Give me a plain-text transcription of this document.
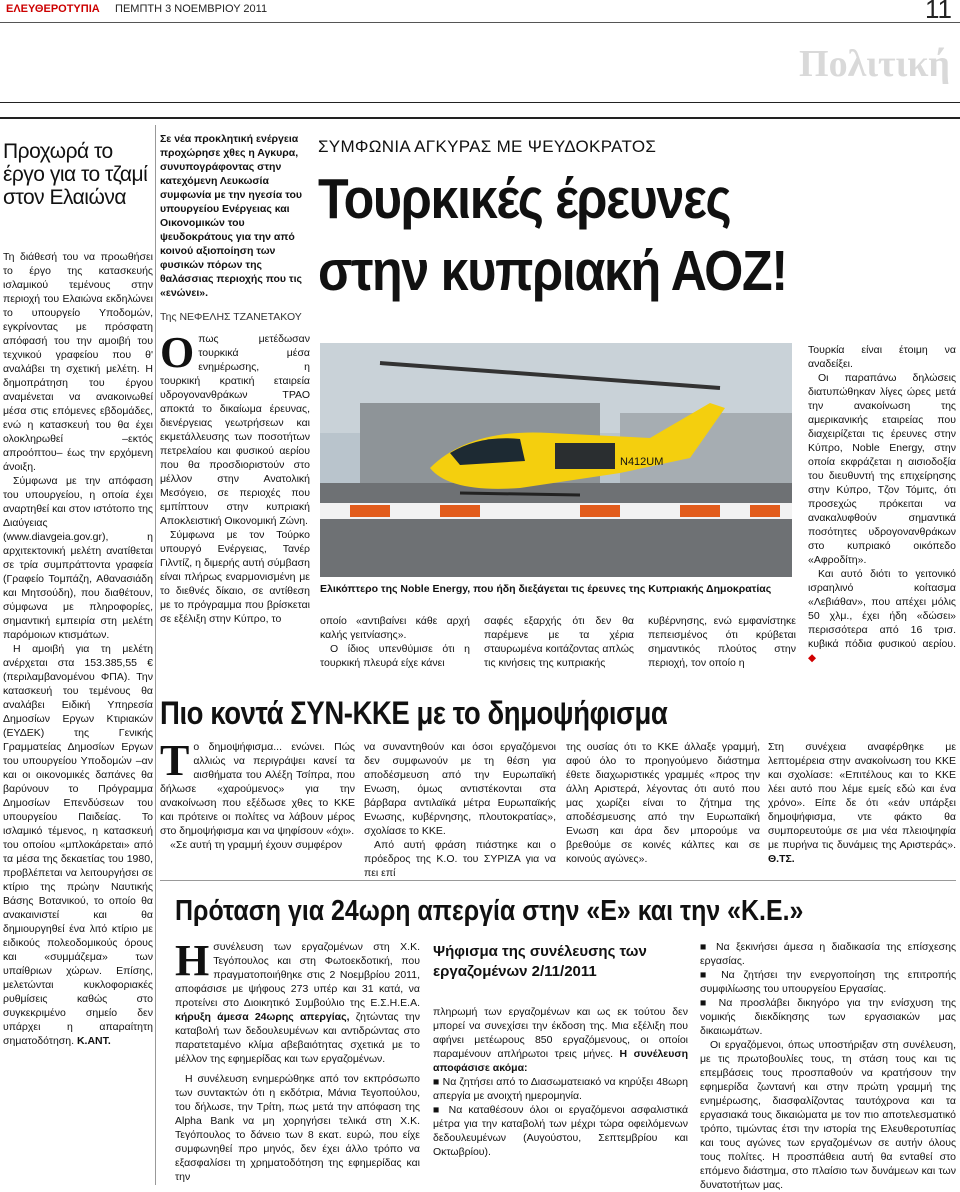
ΕΛΕΥΘΕΡΟΤΥΠΙΑ ΠΕΜΠΤΗ 3 ΝΟΕΜΒΡΙΟΥ 2011	11
Πολιτική
Προχωρά το έργο για το τζαμί στον Ελαιώνα

Τη διάθεσή του να προωθήσει το έργο της κατασκευής ισλαμικού τεμένους στην περιοχή του Ελαιώνα εκδηλώνει το υπουργείο Υποδομών, εγκρίνοντας με πρόσφατη απόφασή του την αμοιβή του τεχνικού γραφείου που θ' αναλάβει τη σχετική μελέτη. Η δημοπράτηση του έργου αναμένεται να ανακοινωθεί μέσα στις επόμενες εβδομάδες, ενώ η κατασκευή του θα έχει ολοκληρωθεί –εκτός απροόπτου– έως την ερχόμενη άνοιξη.

Σύμφωνα με την απόφαση του υπουργείου, η οποία έχει αναρτηθεί και στον ιστότοπο της Διαύγειας (www.diavgeia.gov.gr), η αρχιτεκτονική μελέτη ανατίθεται σε τρία συμπράττοντα γραφεία (Γραφείο Τομπάζη, Αθανασιάδη και Μητσούδη), που διαθέτουν, σύμφωνα με πληροφορίες, σημαντική εμπειρία στη μελέτη παρόμοιων κτισμάτων.

Η αμοιβή για τη μελέτη ανέρχεται στα 153.385,55 € (περιλαμβανομένου ΦΠΑ). Την κατασκευή του τεμένους θα αναλάβει Ειδική Υπηρεσία Δημοσίων Εργων Κτιριακών (ΕΥΔΕΚ) της Γενικής Γραμματείας Δημοσίων Εργων του υπουργείου Υποδομών –αν και οι οικονομικές δαπάνες θα βαρύνουν το Πρόγραμμα Δημοσίων Επενδύσεων του υπουργείου Παιδείας. Το ισλαμικό τέμενος, η κατασκευή του οποίου «μπλοκάρεται» από τα μέσα της δεκαετίας του 1980, προβλέπεται να λειτουργήσει σε κτίριο της πρώην Ναυτικής Βάσης Βοτανικού, το οποίο θα ανακαινιστεί και θα δημιουργηθεί ένα λιτό κτίριο με ειδικούς πολεοδομικούς όρους και «συμμάζεμα» των υπαίθριων χώρων. Επίσης, μελετώνται κυκλοφοριακές ρυθμίσεις καθώς στο συγκεκριμένο σημείο δεν υπάρχει η απαραίτητη σηματοδότηση. Κ.ΑΝΤ.

Σε νέα προκλητική ενέργεια προχώρησε χθες η Αγκυρα, συνυπογράφοντας στην κατεχόμενη Λευκωσία συμφωνία με την ηγεσία του υπουργείου Ενέργειας και Οικονομικών του ψευδοκράτους για την από κοινού αξιοποίηση των φυσικών πόρων της θαλάσσιας περιοχής που τις «ενώνει».

Της ΝΕΦΕΛΗΣ ΤΖΑΝΕΤΑΚΟΥ

Οπως μετέδωσαν τουρκικά μέσα ενημέρωσης, η τουρκική κρατική εταιρεία υδρογονανθράκων ΤΡΑΟ αποκτά το δικαίωμα έρευνας, διενέργειας γεωτρήσεων και εκμετάλλευσης των ποσοτήτων πετρελαίου και φυσικού αερίου που θα προσδιοριστούν στο μέλλον στην Ανατολική Μεσόγειο, σε περιοχές που εμπίπτουν στην κυπριακή Αποκλειστική Οικονομική Ζώνη.

Σύμφωνα με τον Τούρκο υπουργό Ενέργειας, Τανέρ Γιλντίζ, η διμερής αυτή σύμβαση είναι πλήρως εναρμονισμένη με το διεθνές δίκαιο, σε αντίθεση με το πρόγραμμα που βρίσκεται σε εξέλιξη στην Κύπρο, το

ΣΥΜΦΩΝΙΑ ΑΓΚΥΡΑΣ ΜΕ ΨΕΥΔΟΚΡΑΤΟΣ
Τουρκικές έρευνες
στην κυπριακή ΑΟΖ!
N412UM
Ελικόπτερο της Noble Energy, που ήδη διεξάγεται τις έρευνες της Κυπριακής Δημοκρατίας

οποίο «αντιβαίνει κάθε αρχή καλής γειτνίασης».

Ο ίδιος υπενθύμισε ότι η τουρκική πλευρά είχε κάνει

σαφές εξαρχής ότι δεν θα παρέμενε με τα χέρια σταυρωμένα κοιτάζοντας απλώς τις κινήσεις της κυπριακής

κυβέρνησης, ενώ εμφανίστηκε πεπεισμένος ότι κρύβεται σημαντικός πλούτος στην περιοχή, τον οποίο η

Τουρκία είναι έτοιμη να αναδείξει.

Οι παραπάνω δηλώσεις διατυπώθηκαν λίγες ώρες μετά την ανακοίνωση της αμερικανικής εταιρείας που διαχειρίζεται τις έρευνες στην Κύπρο, Noble Energy, στην οποία εκφράζεται η αισιοδοξία του διευθυντή της επιχείρησης στην Κύπρο, Τζον Τόμιτς, ότι προσεχώς πρόκειται να ανακαλυφθούν σημαντικά ποσότητες υδρογονανθράκων στο κυπριακό οικόπεδο «Αφροδίτη».

Και αυτό διότι το γειτονικό ισραηλινό κοίτασμα «Λεβιάθαν», που απέχει μόλις 50 χλμ., έχει ήδη «δώσει» περισσότερα από 16 τρισ. κυβικά πόδια φυσικού αερίου. ◆

Πιο κοντά ΣΥΝ-ΚΚΕ με το δημοψήφισμα

Το δημοψήφισμα... ενώνει. Πώς αλλιώς να περιγράψει κανεί τα αισθήματα του Αλέξη Τσίπρα, που δήλωσε «χαρούμενος» για την ανακοίνωση που εξέδωσε χθες το ΚΚΕ και πρότεινε οι πολίτες να λάβουν μέρος στο δημοψήφισμα και να ψηφίσουν «όχι».

«Σε αυτή τη γραμμή έχουν συμφέρον

να συναντηθούν και όσοι εργαζόμενοι δεν συμφωνούν με τη θέση για αποδέσμευση από την Ευρωπαϊκή Ενωση, όμως αντιστέκονται στα βάρβαρα αντιλαϊκά μέτρα Ευρωπαϊκής Ενωσης, κυβέρνησης, πλουτοκρατίας», σχολίασε το ΚΚΕ.

Από αυτή φράση πιάστηκε και ο πρόεδρος της Κ.Ο. του ΣΥΡΙΖΑ για να πει επί

της ουσίας ότι το ΚΚΕ άλλαξε γραμμή, αφού όλο το προηγούμενο διάστημα έθετε διαχωριστικές γραμμές «προς την άλλη Αριστερά, λέγοντας ότι αυτό που μας χωρίζει είναι το ζήτημα της αποδέσμευσης από την Ευρωπαϊκή Ενωση και άρα δεν μπορούμε να βρεθούμε σε κοινές κάλπες και σε κοινούς αγώνες».

Στη συνέχεια αναφέρθηκε με λεπτομέρεια στην ανακοίνωση του ΚΚΕ και σχολίασε: «Επιτέλους και το ΚΚΕ λέει αυτό που λέμε εμείς εδώ και ένα χρόνο». Είπε δε ότι «εάν υπάρξει δημοψήφισμα, ντε φάκτο θα συμπορευτούμε σε μια νέα πλειοψηφία με πυρήνα τις δυνάμεις της Αριστεράς». Θ.ΤΣ.

Πρόταση για 24ωρη απεργία στην «Ε» και την «Κ.Ε.»

Ησυνέλευση των εργαζομένων στη Χ.Κ. Τεγόπουλος και στη Φωτοεκδοτική, που πραγματοποιήθηκε στις 2 Νοεμβρίου 2011, αποφάσισε με ψήφους 273 υπέρ και 31 κατά, να προτείνει στο Διοικητικό Συμβούλιο της Ε.Σ.Η.Ε.Α. κήρυξη άμεσα 24ωρης απεργίας, ζητώντας την καταβολή των δεδουλευμένων και αντιδρώντας στο παρατεταμένο κλίμα αβεβαιότητας σχετικά με το μέλλον της εφημερίδας και των εργαζομένων.

Η συνέλευση ενημερώθηκε από τον εκπρόσωπο των συντακτών ότι η εκδότρια, Μάνια Τεγοπούλου, του δήλωσε, την Τρίτη, πως μετά την απόφαση της Alpha Bank να μη χορηγήσει τελικά στη Χ.Κ. Τεγόπουλος το δάνειο των 8 εκατ. ευρώ, που είχε συμφωνηθεί προ μηνός, δεν έχει άλλο τρόπο να εξασφαλίσει τη χρηματοδότηση της εφημερίδας και την

Ψήφισμα της συνέλευσης των εργαζομένων 2/11/2011

πληρωμή των εργαζομένων και ως εκ τούτου δεν μπορεί να συνεχίσει την έκδοση της. Μια εξέλιξη που αφήνει μετέωρους 850 εργαζόμενους, οι οποίοι παραμένουν απλήρωτοι τρεις μήνες. Η συνέλευση αποφάσισε ακόμα:

■ Να ζητήσει από το Διασωματειακό να κηρύξει 48ωρη απεργία με ανοιχτή ημερομηνία.

■ Να καταθέσουν όλοι οι εργαζόμενοι ασφαλιστικά μέτρα για την καταβολή των μέχρι τώρα οφειλόμενων δεδουλευμένων (Αυγούστου, Σεπτεμβρίου και Οκτωβρίου).

■ Να ξεκινήσει άμεσα η διαδικασία της επίσχεσης εργασίας.

■ Να ζητήσει την ενεργοποίηση της επιτροπής συμφιλίωσης του υπουργείου Εργασίας.

■ Να προσλάβει δικηγόρο για την ενίσχυση της νομικής διεκδίκησης των εργασιακών μας δικαιωμάτων.

Οι εργαζόμενοι, όπως υποστήριξαν στη συνέλευση, με τις πρωτοβουλίες τους, τη στάση τους και τις επεμβάσεις τους προσπαθούν να κρατήσουν την εφημερίδα ζωντανή και στην πρώτη γραμμή της ενημέρωσης, διασφαλίζοντας ταυτόχρονα και τα εργασιακά τους δικαιώματα με τον πιο αποτελεσματικό τρόπο, τιμώντας έτσι την ιστορία της Ελευθεροτυπίας και τους αγώνες των εργαζομένων σε αυτήν όλους τους πολίτες. Η προσπάθεια αυτή θα ενταθεί στο επόμενο διάστημα, στο πλαίσιο των δυνάμεων και των δυνατοτήτων μας.
